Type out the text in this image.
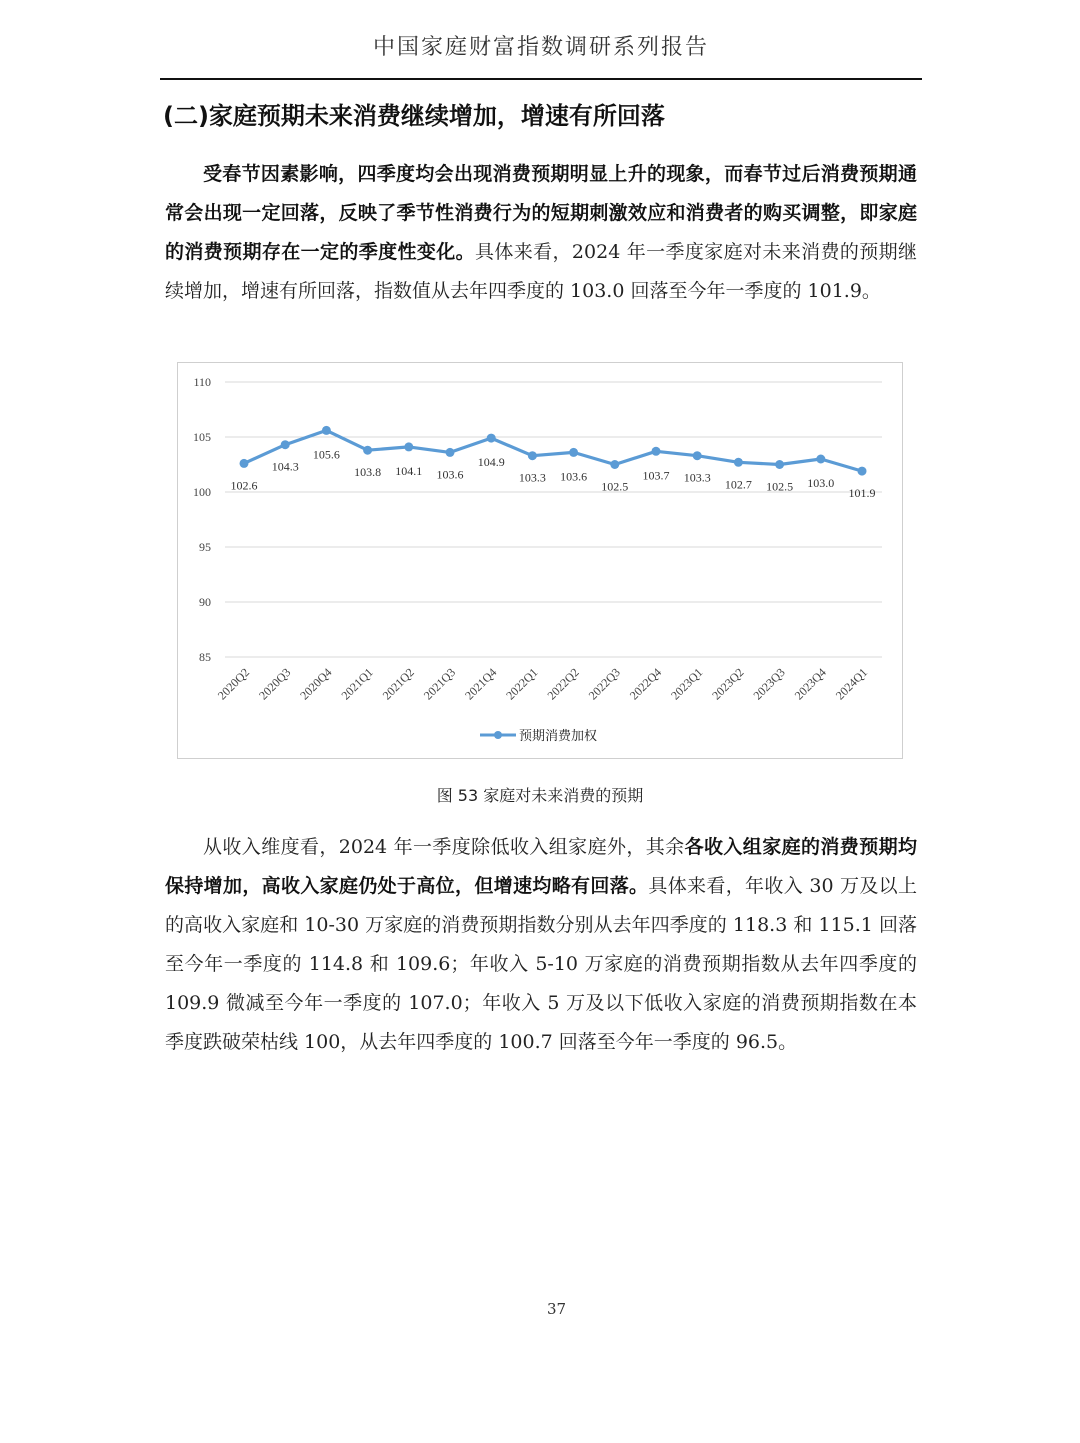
中国家庭财富指数调研系列报告
(二)家庭预期未来消费继续增加，增速有所回落
受春节因素影响，四季度均会出现消费预期明显上升的现象，而春节过后消费预期通常会出现一定回落，反映了季节性消费行为的短期刺激效应和消费者的购买调整，即家庭的消费预期存在一定的季度性变化。具体来看，2024 年一季度家庭对未来消费的预期继续增加，增速有所回落，指数值从去年四季度的 103.0 回落至今年一季度的 101.9。
85
90
95
100
105
110
102.6
104.3
105.6
103.8 104.1 103.6
104.9
103.3 103.6
102.5
103.7 103.3 102.7 102.5 103.0
101.9
2020Q2 2020Q3 2020Q4 2021Q1 2021Q2 2021Q3 2021Q4 2022Q1 2022Q2 2022Q3 2022Q4 2023Q1 2023Q2 2023Q3 2023Q4 2024Q1
预期消费加权
图 53 家庭对未来消费的预期
从收入维度看，2024 年一季度除低收入组家庭外，其余各收入组家庭的消费预期均保持增加，高收入家庭仍处于高位，但增速均略有回落。具体来看，年收入 30 万及以上的高收入家庭和 10-30 万家庭的消费预期指数分别从去年四季度的 118.3 和 115.1 回落至今年一季度的 114.8 和 109.6；年收入 5-10 万家庭的消费预期指数从去年四季度的 109.9 微减至今年一季度的 107.0；年收入 5 万及以下低收入家庭的消费预期指数在本季度跌破荣枯线 100，从去年四季度的 100.7 回落至今年一季度的 96.5。
37
